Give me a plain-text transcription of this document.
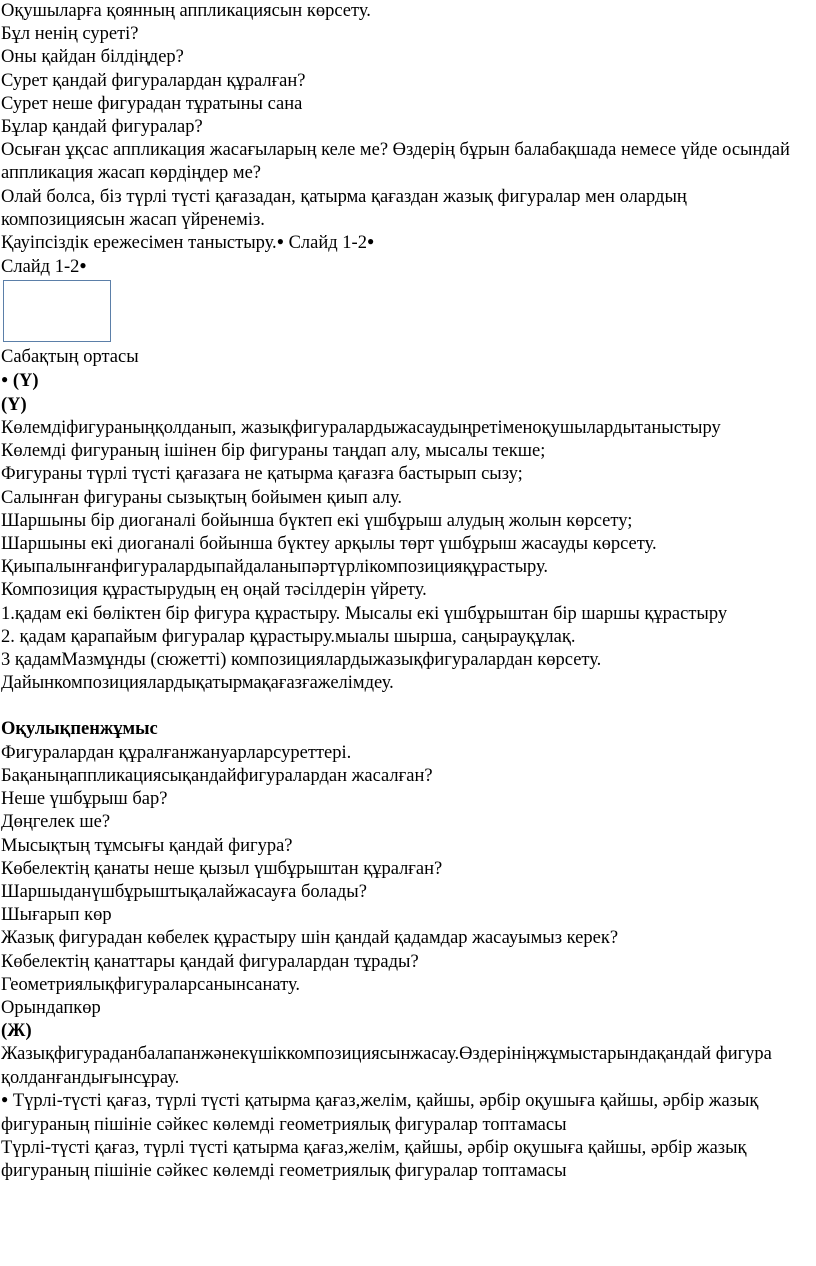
Оқушыларға қоянның аппликациясын көрсету.
Бұл ненің суреті?
Оны қайдан білдіңдер?
Сурет қандай фигуралардан құралған?
Сурет неше фигурадан тұратыны сана
Бұлар қандай фигуралар?
Осыған ұқсас аппликация жасағыларың келе ме? Өздерің бұрын балабақшада немесе үйде осындай аппликация жасап көрдіңдер ме?
Олай болса, біз түрлі түсті қағазадан, қатырма қағаздан жазық фигуралар мен олардың композициясын жасап үйренеміз.
Қауіпсіздік ережесімен таныстыру.● Слайд 1-2●
Слайд 1-2●
Сабақтың ортасы
● (Ү)
(Ү)
Көлемдіфигураныңқолданып, жазықфигуралардыжасаудыңретіменоқушылардытаныстыру
Көлемді фигураның ішінен бір фигураны таңдап алу, мысалы текше;
Фигураны түрлі түсті қағазаға не қатырма қағазға бастырып сызу;
Салынған фигураны сызықтың бойымен қиып алу.
Шаршыны бір диоганалі бойынша бүктеп екі үшбұрыш алудың жолын көрсету;
Шаршыны екі диоганалі бойынша бүктеу арқылы төрт үшбұрыш жасауды көрсету.
Қиыпалынғанфигуралардыпайдаланыпәртүрлікомпозицияқұрастыру.
Композиция құрастырудың ең оңай тәсілдерін үйрету.
1.қадам екі бөліктен бір фигура құрастыру. Мысалы екі үшбұрыштан бір шаршы құрастыру
2. қадам қарапайым фигуралар құрастыру.мыалы шырша, саңырауқұлақ.
3 қадамМазмұнды (сюжетті) композициялардыжазықфигуралардан көрсету.
Дайынкомпозициялардықатырмақағазғажелімдеу.
Оқулықпенжұмыс
Фигуралардан құралғанжануарларсуреттері.
Бақаныңаппликациясықандайфигуралардан жасалған?
Неше үшбұрыш бар?
Дөңгелек ше?
Мысықтың тұмсығы қандай фигура?
Көбелектің қанаты неше қызыл үшбұрыштан құралған?
Шаршыданүшбұрыштықалайжасауға болады?
Шығарып көр
Жазық фигурадан көбелек құрастыру шін қандай қадамдар жасауымыз керек?
Көбелектің қанаттары қандай фигуралардан тұрады?
Геометриялықфигураларсанынсанату.
Орындапкөр
(Ж)
Жазықфигураданбалапанжәнекүшіккомпозициясынжасау.Өздерініңжұмыстарындақандай фигура қолданғандығынсұрау.
● Түрлі-түсті қағаз, түрлі түсті қатырма қағаз,желім, қайшы, әрбір оқушыға қайшы, әрбір жазық фигураның пішініе сәйкес көлемді геометриялық фигуралар топтамасы
Түрлі-түсті қағаз, түрлі түсті қатырма қағаз,желім, қайшы, әрбір оқушыға қайшы, әрбір жазық фигураның пішініе сәйкес көлемді геометриялық фигуралар топтамасы
